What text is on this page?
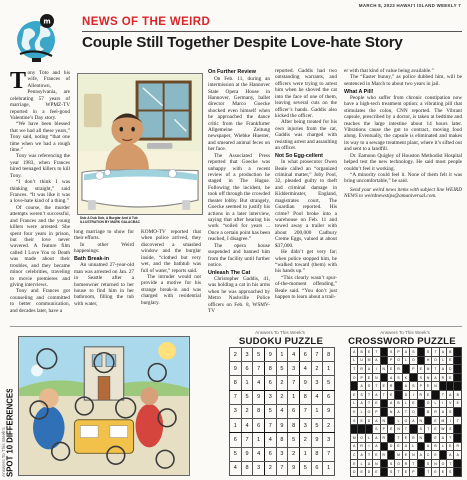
MARCH 8, 2023 HAWAI‘I ISLAND WEEKLY 7
m	NEWS OF THE WEIRD
Couple Still Together Despite Love-hate Story

Tony Toto and his wife, Frances of Allentown, Pennsylvania, are celebrating 57 years of marriage, WPMZ-TV reported in a feel-good Valentine’s Day story.

“We have been blessed that we had all these years,” Tony said, noting “that one time when we had a rough time.”

Tony was referencing the year 1983, when Frances hired teenaged killers to kill Tony.

“I don’t think I was thinking straight,” said Frances. “It was like it was a love-hate kind of a thing.”

Of course, the murder attempts weren’t successful, and Frances and the young killers were arrested. She spent four years in prison, but their love never wavered. A feature film called I Love You to Death was made about their troubles, and they became minor celebrities, traveling to movie premieres and giving interviews.

Tony and Frances got counseling and committed to better communication, and decades later, have a

Dub A Dub Dub, A Burglar And A Tub
ILLUSTRATION BY MARK GALACBAC

long marriage to show for their efforts.

In other Weird happenings:

Bath Break-in

An unnamed 27-year-old man was arrested on Jan. 27 in Seattle after a homeowner returned to her house to find him in her bathroom, filling the tub with water,

KOMO-TV reported that when police arrived, they discovered a smashed window and the burglar inside, “clothed but very wet, and the bathtub was full of water,” reports said.

The intruder would not provide a motive for his strange break-in and was charged with residential burglary.

On Further Review

On Feb. 11, during an intermission at the Hannover State Opera House in Hannover, Germany, ballet director Marco Goecke shocked even himself when he approached the dance critic from the Frankfurter Allgemeine Zeitung newspaper, Wiebke Huester, and smeared animal feces on her face.

The Associated Press reported that Goecke was unhappy with a recent review of a production he staged in The Hague. Following the incident, he took off through the crowded theater lobby. But strangely, Goecke seemed to justify his actions in a later interview, saying that after hearing his work “soiled for years ... Once a certain point has been reached, I disagree.”

The opera house suspended and banned him from the facility until further notice.

Unleash The Cat

Christopher Gaddis, 41, was holding a cat in his arms when he was approached by Metro Nashville Police officers on Feb. 8, WSMV-TV

reported. Gaddis had two outstanding warrants, and officers were trying to arrest him when he shoved the cat into the face of one of them, leaving several cuts on the officer’s hands. Gaddis also kicked the officer.

After being treated for his own injuries from the cat, Gaddis was charged with resisting arrest and assaulting an officer.

Not So Egg-cellent

In what prosecutor Owen Beale called an “organized criminal matter,” Joby Pool, 32, pleaded guilty to theft and criminal damage in Kidderminster, England, magistrates court, The Guardian reported. His crime? Pool broke into a warehouse on Feb. 11 and towed away a trailer with about 200,000 Cadbury Creme Eggs, valued at about $37,000.

He didn’t get very far; when police stopped him, he “walked toward (them) with his hands up.”

“This clearly wasn’t spur-of-the-moment offending,” Beale said. “You don’t just happen to learn about a trail-

er with that kind of value being available.”

The “Easter bunny,” as police dubbed him, will be sentenced in March to about two years in jail.

What A Pill!

People who suffer from chronic constipation now have a high-tech treatment option: a vibrating pill that stimulates the colon, CNN reported. The Vibrant capsule, prescribed by a doctor, is taken at bedtime and reaches the large intestine about 14 hours later. Vibrations cause the gut to contract, moving food along. Eventually, the capsule is eliminated and makes its way to a sewage treatment plant, where it’s sifted out and sent to a landfill.

Dr. Eamonn Quigley of Houston Methodist Hospital helped test the new technology. He said most people couldn’t feel it working.

“A minority could feel it. None of them felt it was bring uncomfortable,” he said.

Send your weird news items with subject line WEIRD NEWS to weirdnewstips@amuniversal.com.

Answers To This Week’s SPOT 10 DIFFERENCES
Answers To This Week’s
SUDOKU PUZZLE
2	3	5	9	1	4	6	7	8
9	6	7	8	5	3	4	2	1
8	1	4	6	2	7	9	3	5
7	5	9	3	2	1	8	4	6
3	2	8	5	4	6	7	1	9
1	4	6	7	9	8	3	5	2
6	7	1	4	8	5	2	9	3
5	9	4	6	3	2	1	8	7
4	8	3	2	7	9	5	6	1
Answers To This Week’s
CROSSWORD PUZZLE
A	B	E	T		S	P	A	S		S	T	A	B	
L	U	M	A		P	O	L	O		H	O	L	E	
T	R	A	I	N	E	R		P	E	N	T	A	D	
O	P	E	N		A	S	K		S	N	A	R	E	
	A	S	T	E	R		A	S	P	E	N			
E	S	T	A	T	E		D	I	R	E		T	A	B
L	A	T	E		A	B	L	E		O	L	I	V	E
K	L	O	P		N	A	T	O		B	R	A	S	
S	E	D	A	N		L	O	A	N		E	M	I	T
			S	P	E	N	T		S	T	E	W	S	
M	O	L	A	R		T	E	R	N		E	A	T	
A	R	I	A		D	E	A	L		A	B	L	E	R
C	A	T	E	R		M	E	N	A	C	E		A	A
E	L	A	N		S	O	R	T		S	N	O	T	
D	E	D	E		S	T	E	P		T	E	E	S	
